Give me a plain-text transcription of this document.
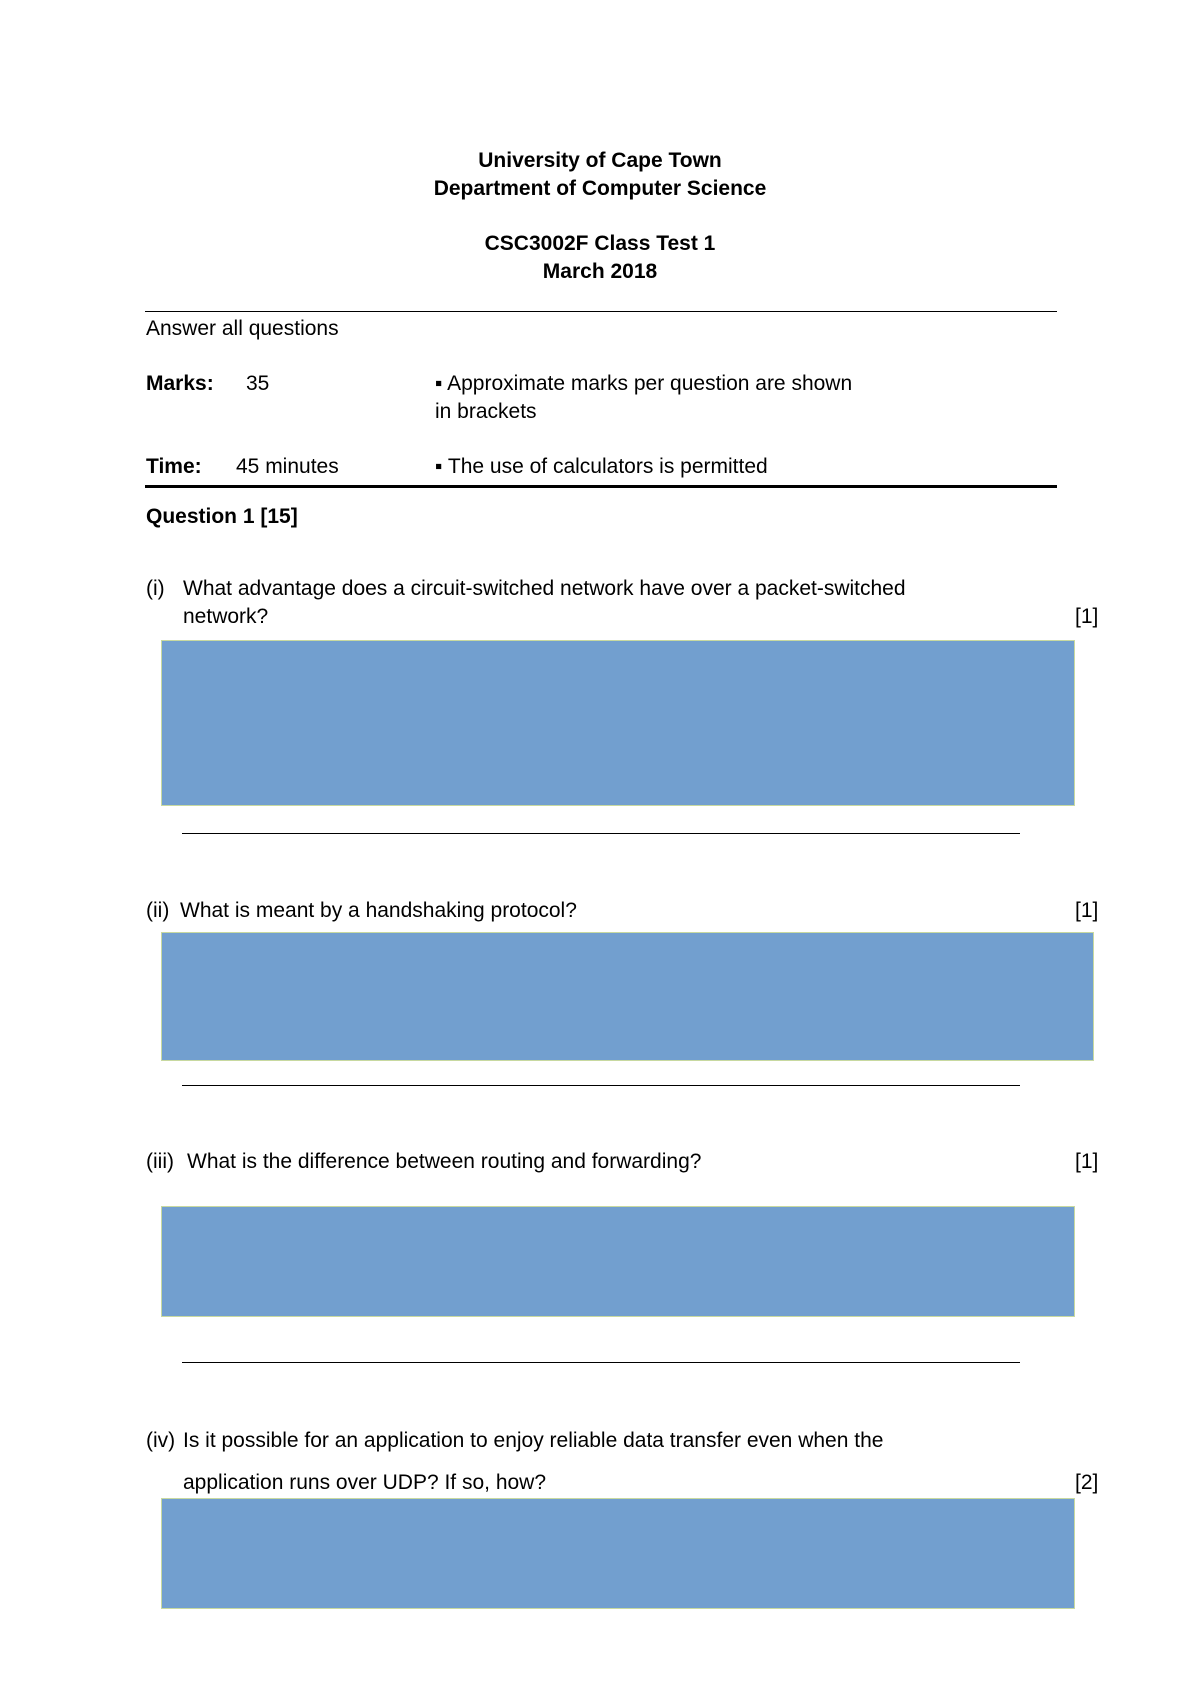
University of Cape Town
Department of Computer Science
CSC3002F Class Test 1
March 2018
Answer all questions
Marks: 35	▪ Approximate marks per question are shown
in brackets
Time: 45 minutes	▪ The use of calculators is permitted
Question 1 [15]
(i) What advantage does a circuit-switched network have over a packet-switched
network?	[1]
(ii) What is meant by a handshaking protocol?	[1]
(iii) What is the difference between routing and forwarding?	[1]
(iv) Is it possible for an application to enjoy reliable data transfer even when the
application runs over UDP? If so, how?	[2]
